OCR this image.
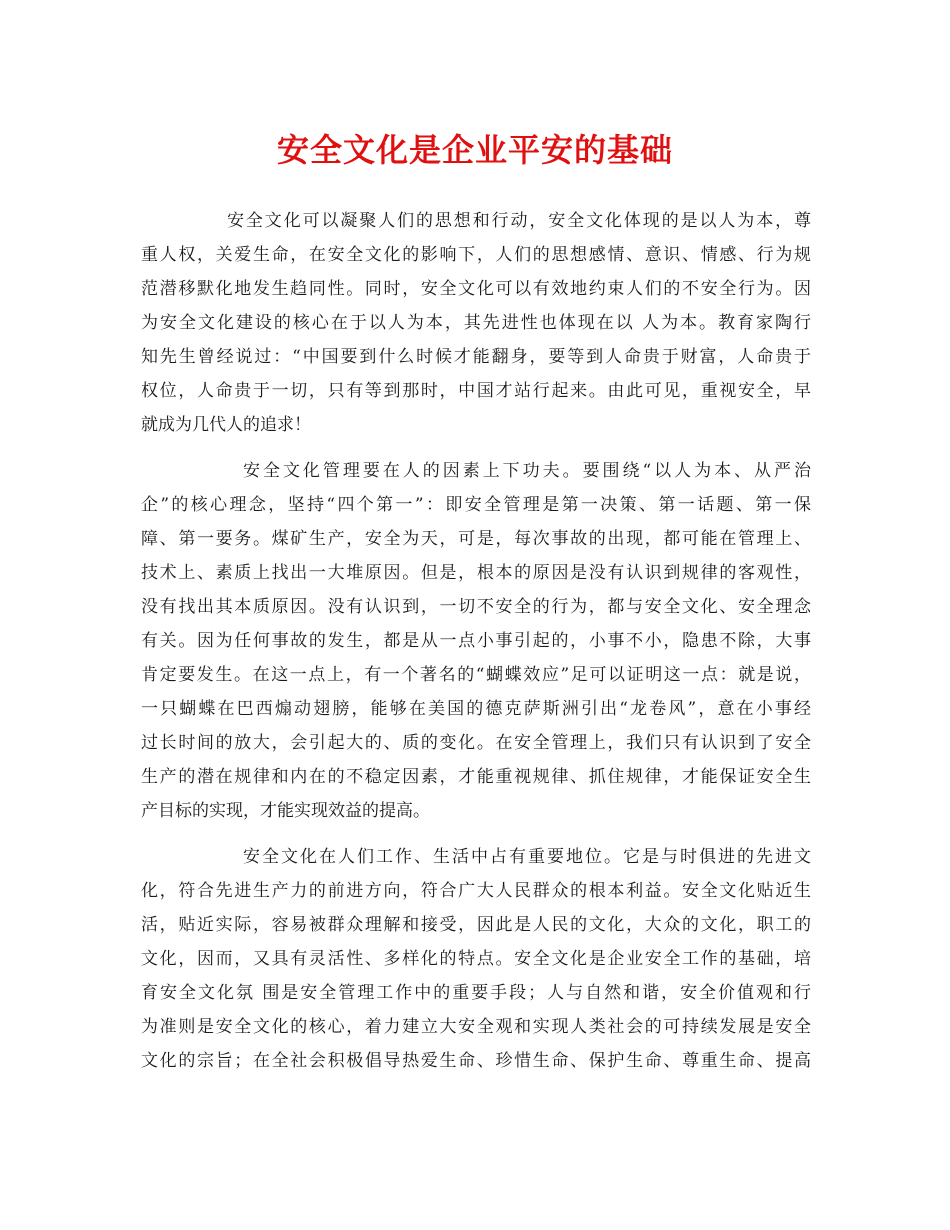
安全文化是企业平安的基础
安全文化可以凝聚人们的思想和行动，安全文化体现的是以人为本，尊
重人权，关爱生命，在安全文化的影响下，人们的思想感情、意识、情感、行为规
范潜移默化地发生趋同性。同时，安全文化可以有效地约束人们的不安全行为。因
为安全文化建设的核心在于以人为本，其先进性也体现在以 人为本。教育家陶行
知先生曾经说过：“中国要到什么时候才能翻身，要等到人命贵于财富，人命贵于
权位，人命贵于一切，只有等到那时，中国才站行起来。由此可见，重视安全，早
就成为几代人的追求！
安全文化管理要在人的因素上下功夫。要围绕“以人为本、从严治
企”的核心理念，坚持“四个第一”：即安全管理是第一决策、第一话题、第一保
障、第一要务。煤矿生产，安全为天，可是，每次事故的出现，都可能在管理上、
技术上、素质上找出一大堆原因。但是，根本的原因是没有认识到规律的客观性，
没有找出其本质原因。没有认识到，一切不安全的行为，都与安全文化、安全理念
有关。因为任何事故的发生，都是从一点小事引起的，小事不小，隐患不除，大事
肯定要发生。在这一点上，有一个著名的“蝴蝶效应”足可以证明这一点：就是说，
一只蝴蝶在巴西煽动翅膀，能够在美国的德克萨斯洲引出“龙卷风”，意在小事经
过长时间的放大，会引起大的、质的变化。在安全管理上，我们只有认识到了安全
生产的潜在规律和内在的不稳定因素，才能重视规律、抓住规律，才能保证安全生
产目标的实现，才能实现效益的提高。
安全文化在人们工作、生活中占有重要地位。它是与时俱进的先进文
化，符合先进生产力的前进方向，符合广大人民群众的根本利益。安全文化贴近生
活，贴近实际，容易被群众理解和接受，因此是人民的文化，大众的文化，职工的
文化，因而，又具有灵活性、多样化的特点。安全文化是企业安全工作的基础，培
育安全文化氛 围是安全管理工作中的重要手段；人与自然和谐，安全价值观和行
为准则是安全文化的核心，着力建立大安全观和实现人类社会的可持续发展是安全
文化的宗旨；在全社会积极倡导热爱生命、珍惜生命、保护生命、尊重生命、提高
